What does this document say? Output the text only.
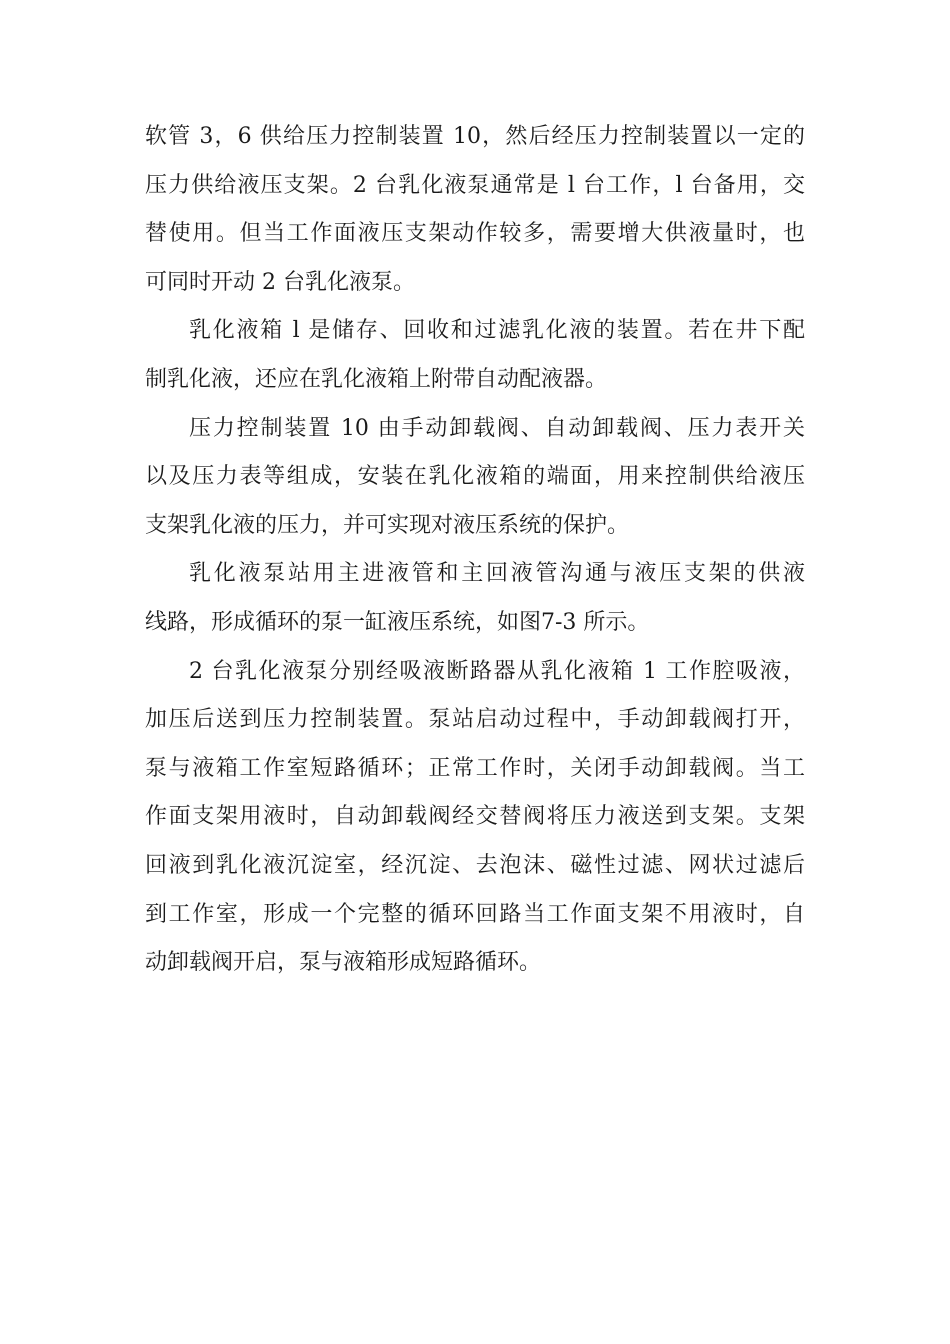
软管 3，6 供给压力控制装置 10，然后经压力控制装置以一定的
压力供给液压支架。2 台乳化液泵通常是 l 台工作，l 台备用，交
替使用。但当工作面液压支架动作较多，需要增大供液量时，也
可同时开动 2 台乳化液泵。
乳化液箱 l 是储存、回收和过滤乳化液的装置。若在井下配
制乳化液，还应在乳化液箱上附带自动配液器。
压力控制装置 10 由手动卸载阀、自动卸载阀、压力表开关
以及压力表等组成，安装在乳化液箱的端面，用来控制供给液压
支架乳化液的压力，并可实现对液压系统的保护。
乳化液泵站用主进液管和主回液管沟通与液压支架的供液
线路，形成循环的泵一缸液压系统，如图7-3 所示。
2 台乳化液泵分别经吸液断路器从乳化液箱 1 工作腔吸液，
加压后送到压力控制装置。泵站启动过程中，手动卸载阀打开，
泵与液箱工作室短路循环；正常工作时，关闭手动卸载阀。当工
作面支架用液时，自动卸载阀经交替阀将压力液送到支架。支架
回液到乳化液沉淀室，经沉淀、去泡沫、磁性过滤、网状过滤后
到工作室，形成一个完整的循环回路当工作面支架不用液时，自
动卸载阀开启，泵与液箱形成短路循环。
